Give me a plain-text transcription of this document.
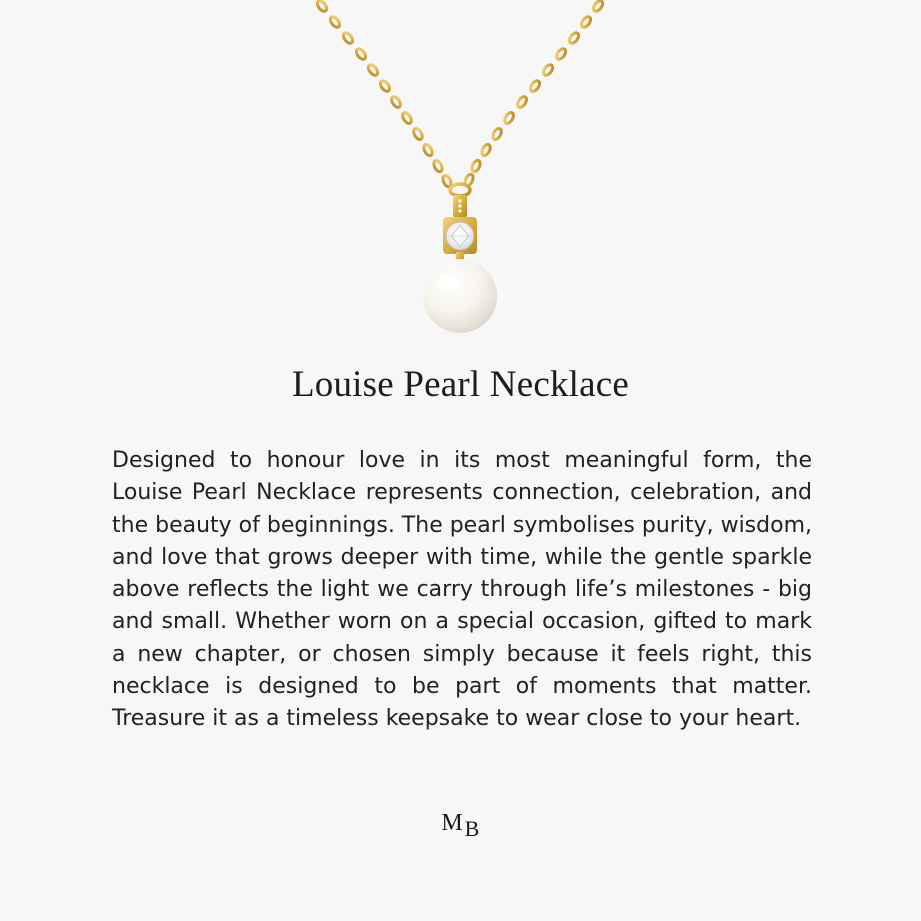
Louise Pearl Necklace

Designed to honour love in its most meaningful form, the Louise Pearl Necklace represents connection, celebration, and the beauty of beginnings. The pearl symbolises purity, wisdom, and love that grows deeper with time, while the gentle sparkle above reflects the light we carry through life’s milestones - big and small. Whether worn on a special occasion, gifted to mark a new chapter, or chosen simply because it feels right, this necklace is designed to be part of moments that matter. Treasure it as a timeless keepsake to wear close to your heart.

M B
